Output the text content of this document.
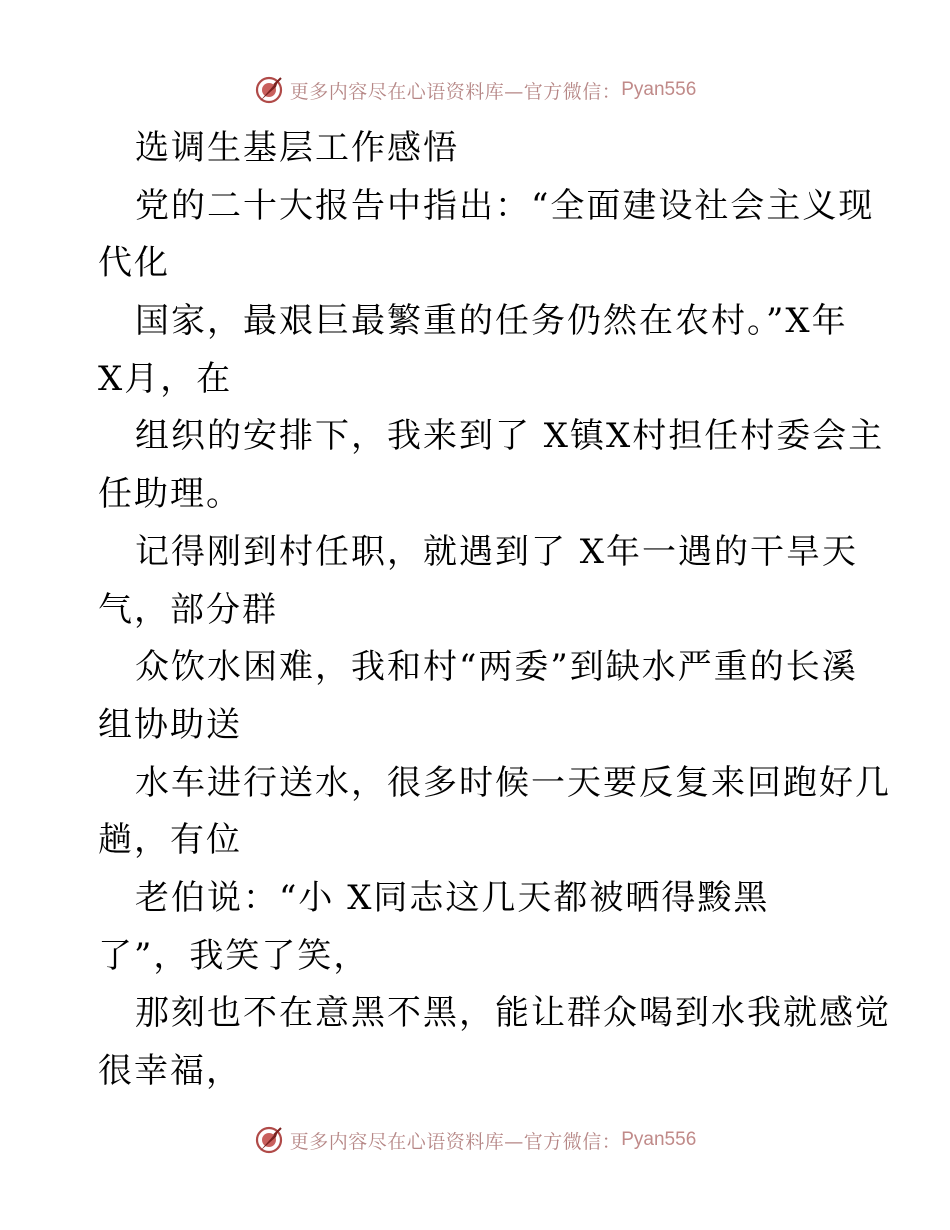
更多内容尽在心语资料库—官方微信： Pyan556
选调生基层工作感悟
党的二十大报告中指出：“全面建设社会主义现
代化
国家，最艰巨最繁重的任务仍然在农村。”X年
X月，在
组织的安排下，我来到了 X镇X村担任村委会主
任助理。
记得刚到村任职，就遇到了 X年一遇的干旱天
气，部分群
众饮水困难，我和村“两委”到缺水严重的长溪
组协助送
水车进行送水，很多时候一天要反复来回跑好几
趟，有位
老伯说：“小 X同志这几天都被晒得黢黑
了”，我笑了笑，
那刻也不在意黑不黑，能让群众喝到水我就感觉
很幸福，
更多内容尽在心语资料库—官方微信： Pyan556
